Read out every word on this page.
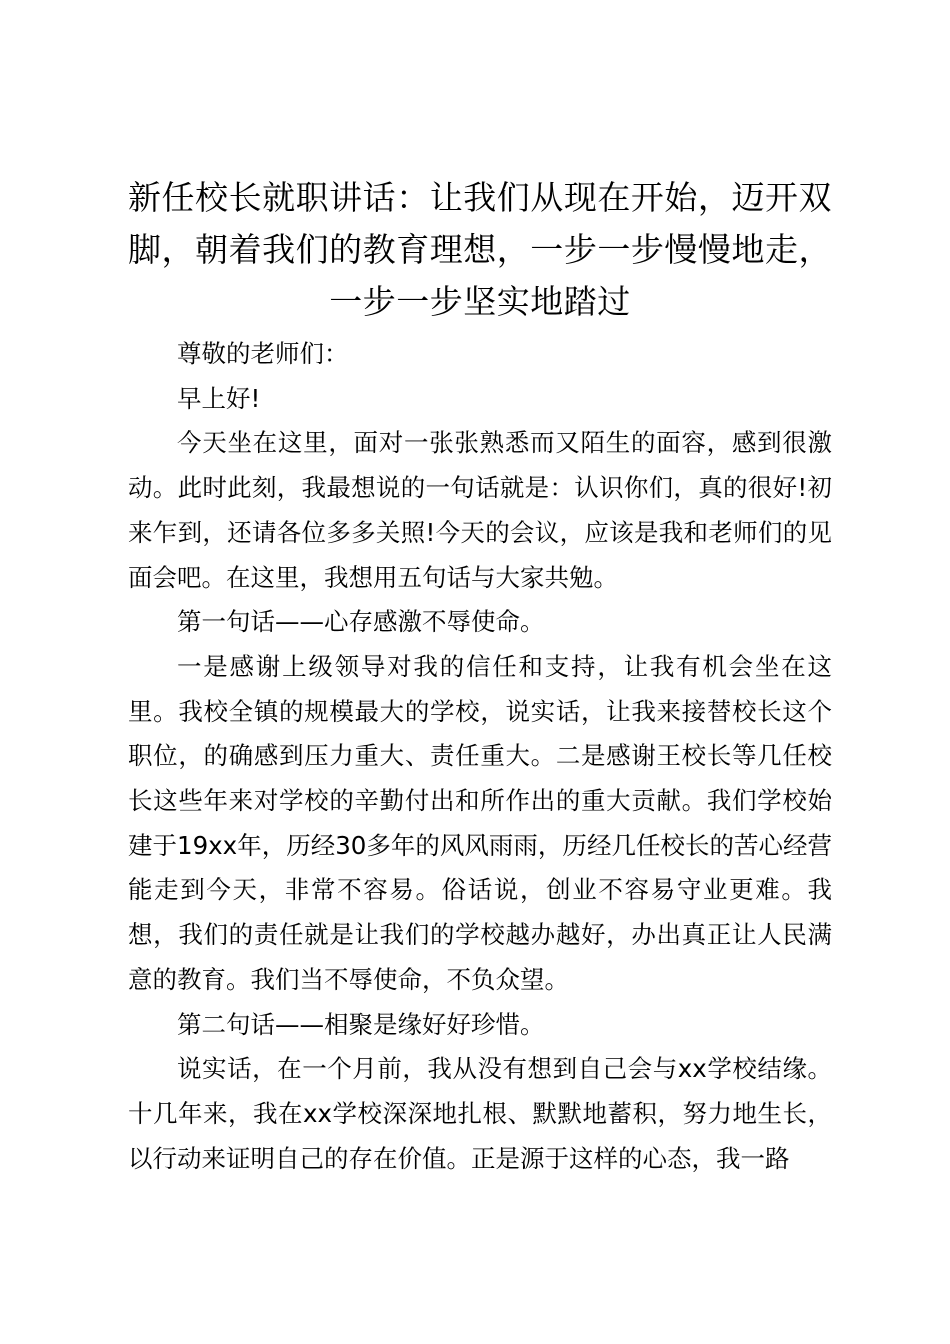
新任校长就职讲话：让我们从现在开始，迈开双脚，朝着我们的教育理想，一步一步慢慢地走，一步一步坚实地踏过

尊敬的老师们：

早上好!

今天坐在这里，面对一张张熟悉而又陌生的面容，感到很激动。此时此刻，我最想说的一句话就是：认识你们，真的很好!初来乍到，还请各位多多关照!今天的会议，应该是我和老师们的见面会吧。在这里，我想用五句话与大家共勉。

第一句话——心存感激不辱使命。

一是感谢上级领导对我的信任和支持，让我有机会坐在这里。我校全镇的规模最大的学校，说实话，让我来接替校长这个职位，的确感到压力重大、责任重大。二是感谢王校长等几任校长这些年来对学校的辛勤付出和所作出的重大贡献。我们学校始建于19xx年，历经30多年的风风雨雨，历经几任校长的苦心经营能走到今天，非常不容易。俗话说，创业不容易守业更难。我想，我们的责任就是让我们的学校越办越好，办出真正让人民满意的教育。我们当不辱使命，不负众望。

第二句话——相聚是缘好好珍惜。

说实话，在一个月前，我从没有想到自己会与xx学校结缘。十几年来，我在xx学校深深地扎根、默默地蓄积，努力地生长，以行动来证明自己的存在价值。正是源于这样的心态，我一路
